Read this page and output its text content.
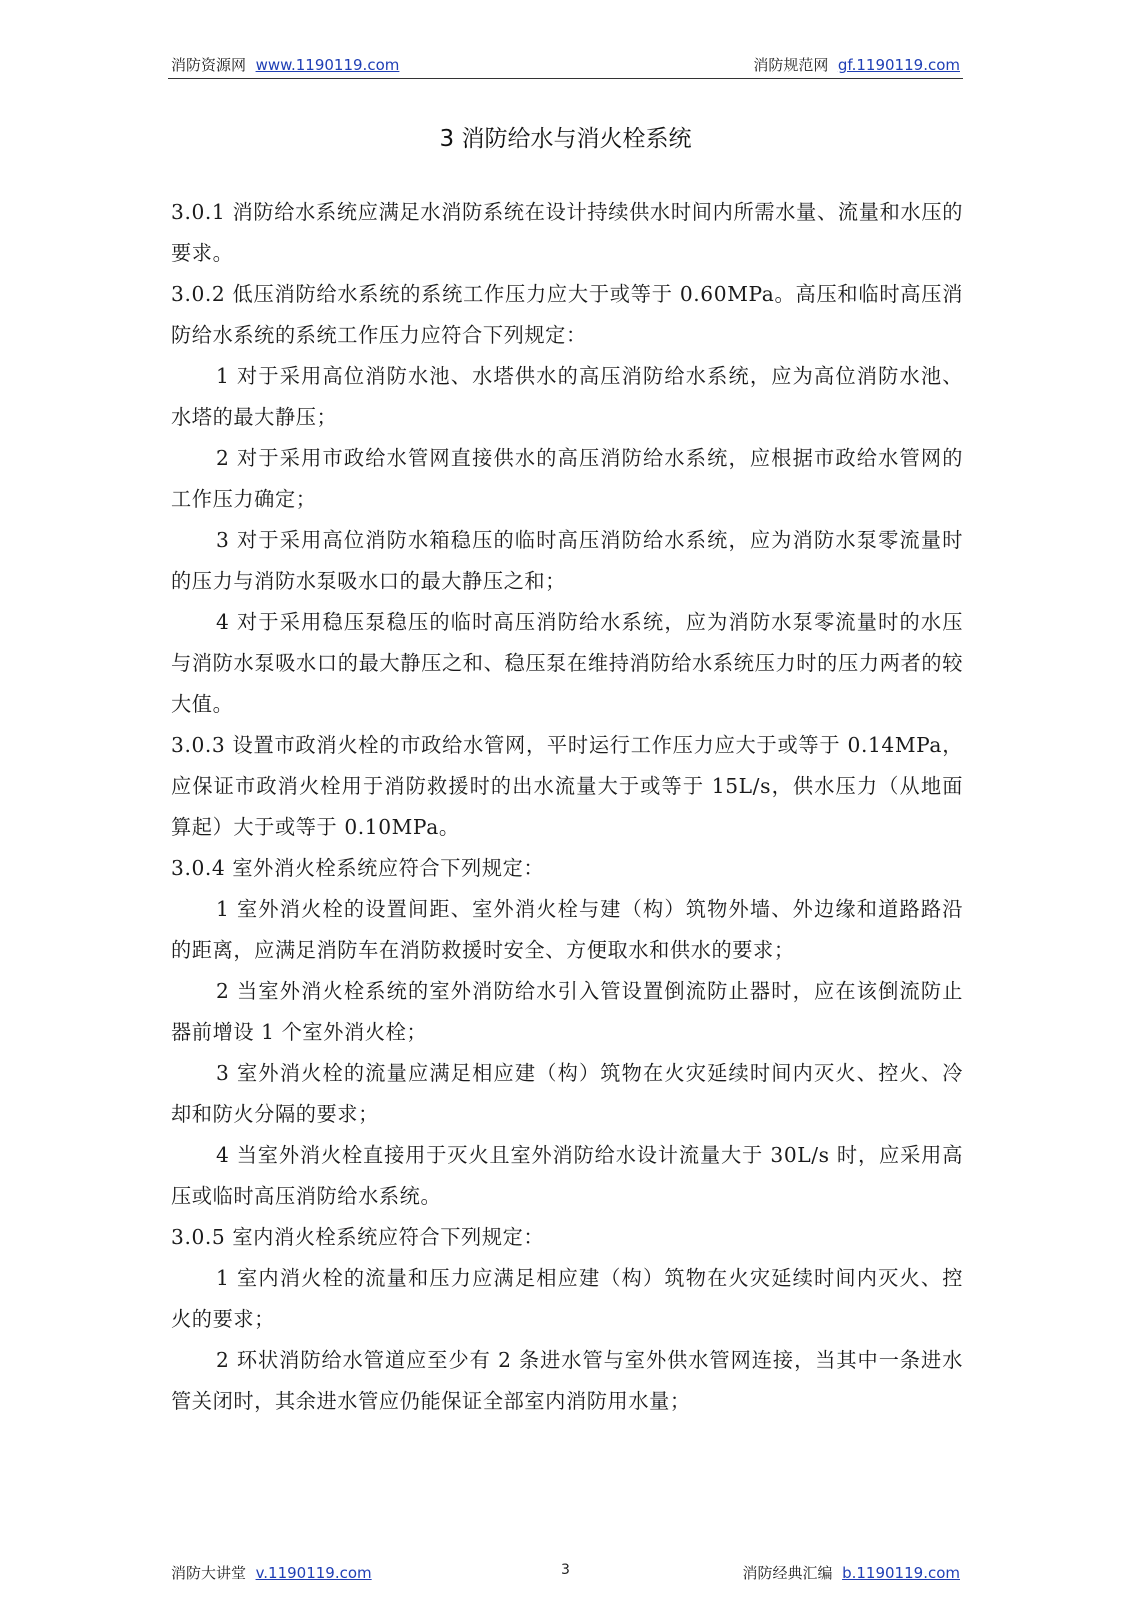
消防资源网 www.1190119.com	消防规范网 gf.1190119.com
3 消防给水与消火栓系统

3.0.1 消防给水系统应满足水消防系统在设计持续供水时间内所需水量、流量和水压的要求。

3.0.2 低压消防给水系统的系统工作压力应大于或等于 0.60MPa。高压和临时高压消防给水系统的系统工作压力应符合下列规定：

1 对于采用高位消防水池、水塔供水的高压消防给水系统，应为高位消防水池、水塔的最大静压；

2 对于采用市政给水管网直接供水的高压消防给水系统，应根据市政给水管网的工作压力确定；

3 对于采用高位消防水箱稳压的临时高压消防给水系统，应为消防水泵零流量时的压力与消防水泵吸水口的最大静压之和；

4 对于采用稳压泵稳压的临时高压消防给水系统，应为消防水泵零流量时的水压与消防水泵吸水口的最大静压之和、稳压泵在维持消防给水系统压力时的压力两者的较大值。

3.0.3 设置市政消火栓的市政给水管网，平时运行工作压力应大于或等于 0.14MPa，应保证市政消火栓用于消防救援时的出水流量大于或等于 15L/s，供水压力（从地面算起）大于或等于 0.10MPa。

3.0.4 室外消火栓系统应符合下列规定：

1 室外消火栓的设置间距、室外消火栓与建（构）筑物外墙、外边缘和道路路沿的距离，应满足消防车在消防救援时安全、方便取水和供水的要求；

2 当室外消火栓系统的室外消防给水引入管设置倒流防止器时，应在该倒流防止器前增设 1 个室外消火栓；

3 室外消火栓的流量应满足相应建（构）筑物在火灾延续时间内灭火、控火、冷却和防火分隔的要求；

4 当室外消火栓直接用于灭火且室外消防给水设计流量大于 30L/s 时，应采用高压或临时高压消防给水系统。

3.0.5 室内消火栓系统应符合下列规定：

1 室内消火栓的流量和压力应满足相应建（构）筑物在火灾延续时间内灭火、控火的要求；

2 环状消防给水管道应至少有 2 条进水管与室外供水管网连接，当其中一条进水管关闭时，其余进水管应仍能保证全部室内消防用水量；

消防大讲堂 v.1190119.com	3	消防经典汇编 b.1190119.com
